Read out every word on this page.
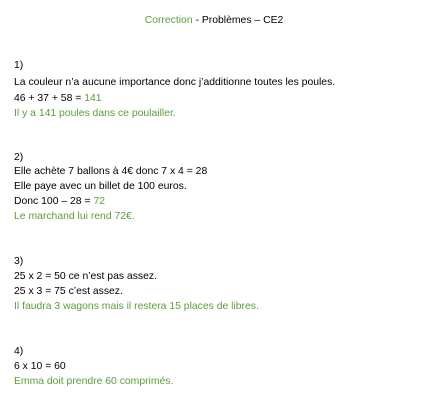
Correction - Problèmes – CE2
1)
La couleur n’a aucune importance donc j’additionne toutes les poules.
46 + 37 + 58 = 141
Il y a 141 poules dans ce poulailler.
2)
Elle achète 7 ballons à 4€ donc 7 x 4 = 28
Elle paye avec un billet de 100 euros.
Donc 100 – 28 = 72
Le marchand lui rend 72€.
3)
25 x 2 = 50 ce n’est pas assez.
25 x 3 = 75 c’est assez.
Il faudra 3 wagons mais il restera 15 places de libres.
4)
6 x 10 = 60
Emma doit prendre 60 comprimés.
